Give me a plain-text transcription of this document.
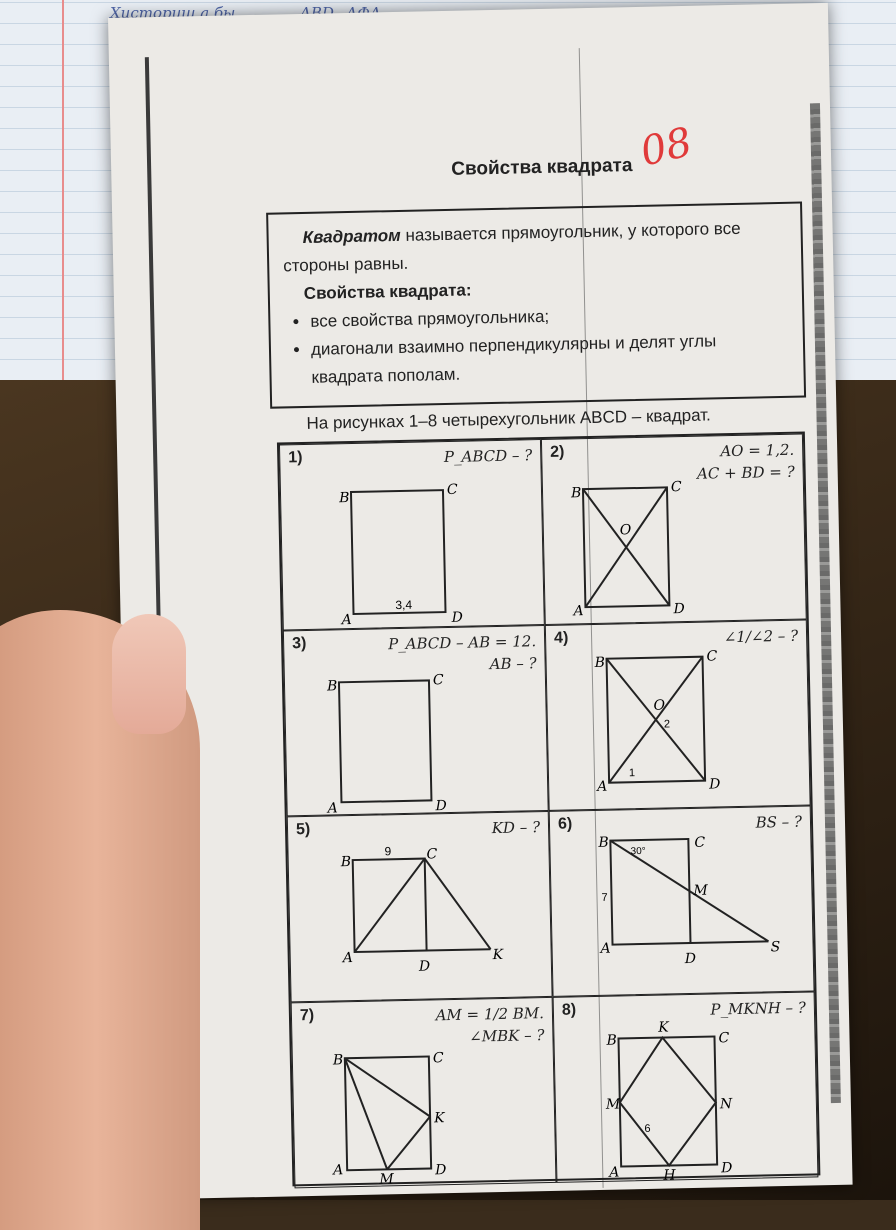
Хисториш а бы
08
Свойства квадрата
Квадратом называется прямоугольник, у которого все стороны равны.
Свойства квадрата:
• все свойства прямоугольника;
• диагонали взаимно перпендикулярны и делят углы квадрата пополам.
На рисунках 1–8 четырехугольник ABCD – квадрат.
1)	P_ABCD – ?
B
C
A	D
3,4
2)	AO = 1,2.
AC + BD = ?
B	C
A	D
O
3)	P_ABCD – AB = 12.
AB – ?
B	C
A	D
4)	∠1/∠2 – ?
B	C
A	D
O
1
2
5)	KD – ?
B	C
A
D
K
9
6)	BS – ?
B	C
A
D
M
S
7
30°
7)	AM = 1/2 BM.
∠MBK – ?
B	C
A	D
K
M
8)	P_MKNH – ?
B	C
A	D
K
M	N
H
6
